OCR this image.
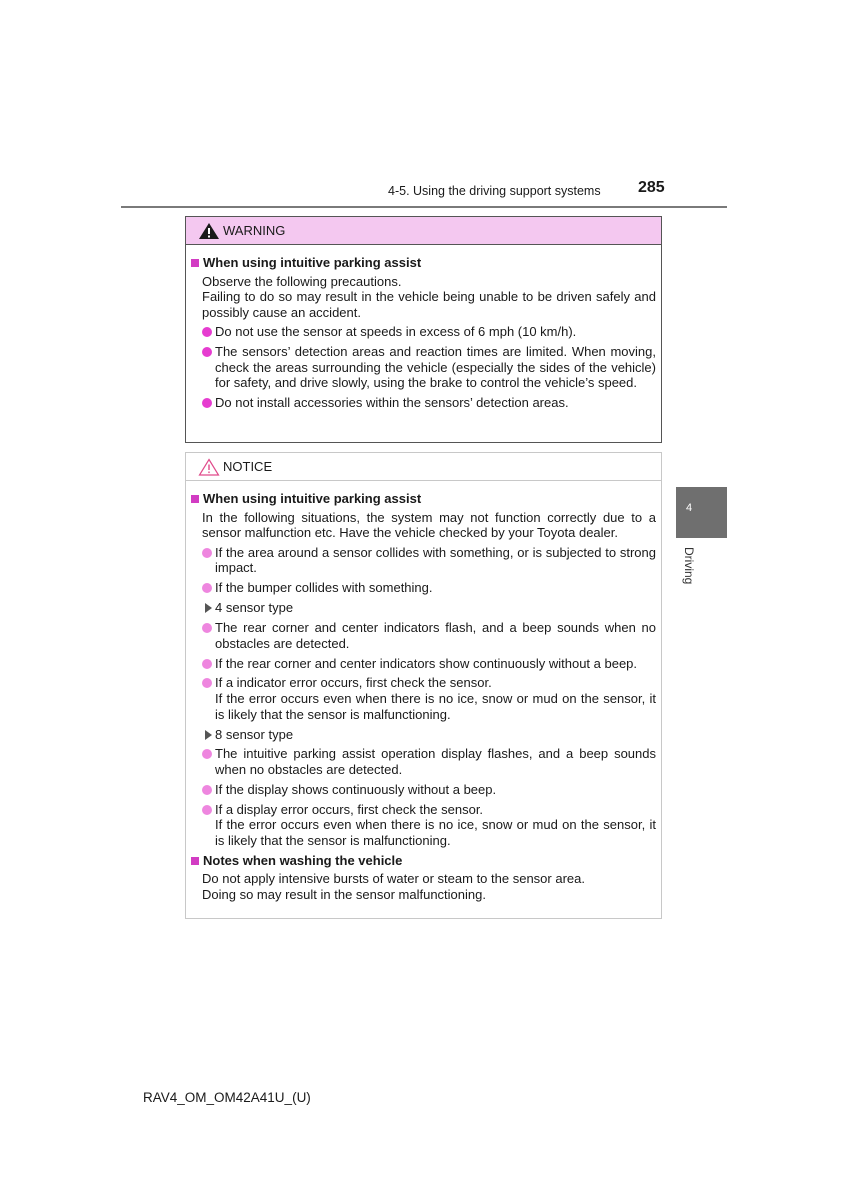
4-5. Using the driving support systems 285
4
Driving
WARNING
When using intuitive parking assist
Observe the following precautions.
Failing to do so may result in the vehicle being unable to be driven safely and possibly cause an accident.
Do not use the sensor at speeds in excess of 6 mph (10 km/h).
The sensors’ detection areas and reaction times are limited. When moving, check the areas surrounding the vehicle (especially the sides of the vehicle) for safety, and drive slowly, using the brake to control the vehicle’s speed.
Do not install accessories within the sensors’ detection areas.
NOTICE
When using intuitive parking assist
In the following situations, the system may not function correctly due to a sensor malfunction etc. Have the vehicle checked by your Toyota dealer.
If the area around a sensor collides with something, or is subjected to strong impact.
If the bumper collides with something.
4 sensor type
The rear corner and center indicators flash, and a beep sounds when no obstacles are detected.
If the rear corner and center indicators show continuously without a beep.
If a indicator error occurs, first check the sensor.
If the error occurs even when there is no ice, snow or mud on the sensor, it is likely that the sensor is malfunctioning.
8 sensor type
The intuitive parking assist operation display flashes, and a beep sounds when no obstacles are detected.
If the display shows continuously without a beep.
If a display error occurs, first check the sensor.
If the error occurs even when there is no ice, snow or mud on the sensor, it is likely that the sensor is malfunctioning.
Notes when washing the vehicle
Do not apply intensive bursts of water or steam to the sensor area.
Doing so may result in the sensor malfunctioning.
RAV4_OM_OM42A41U_(U)
